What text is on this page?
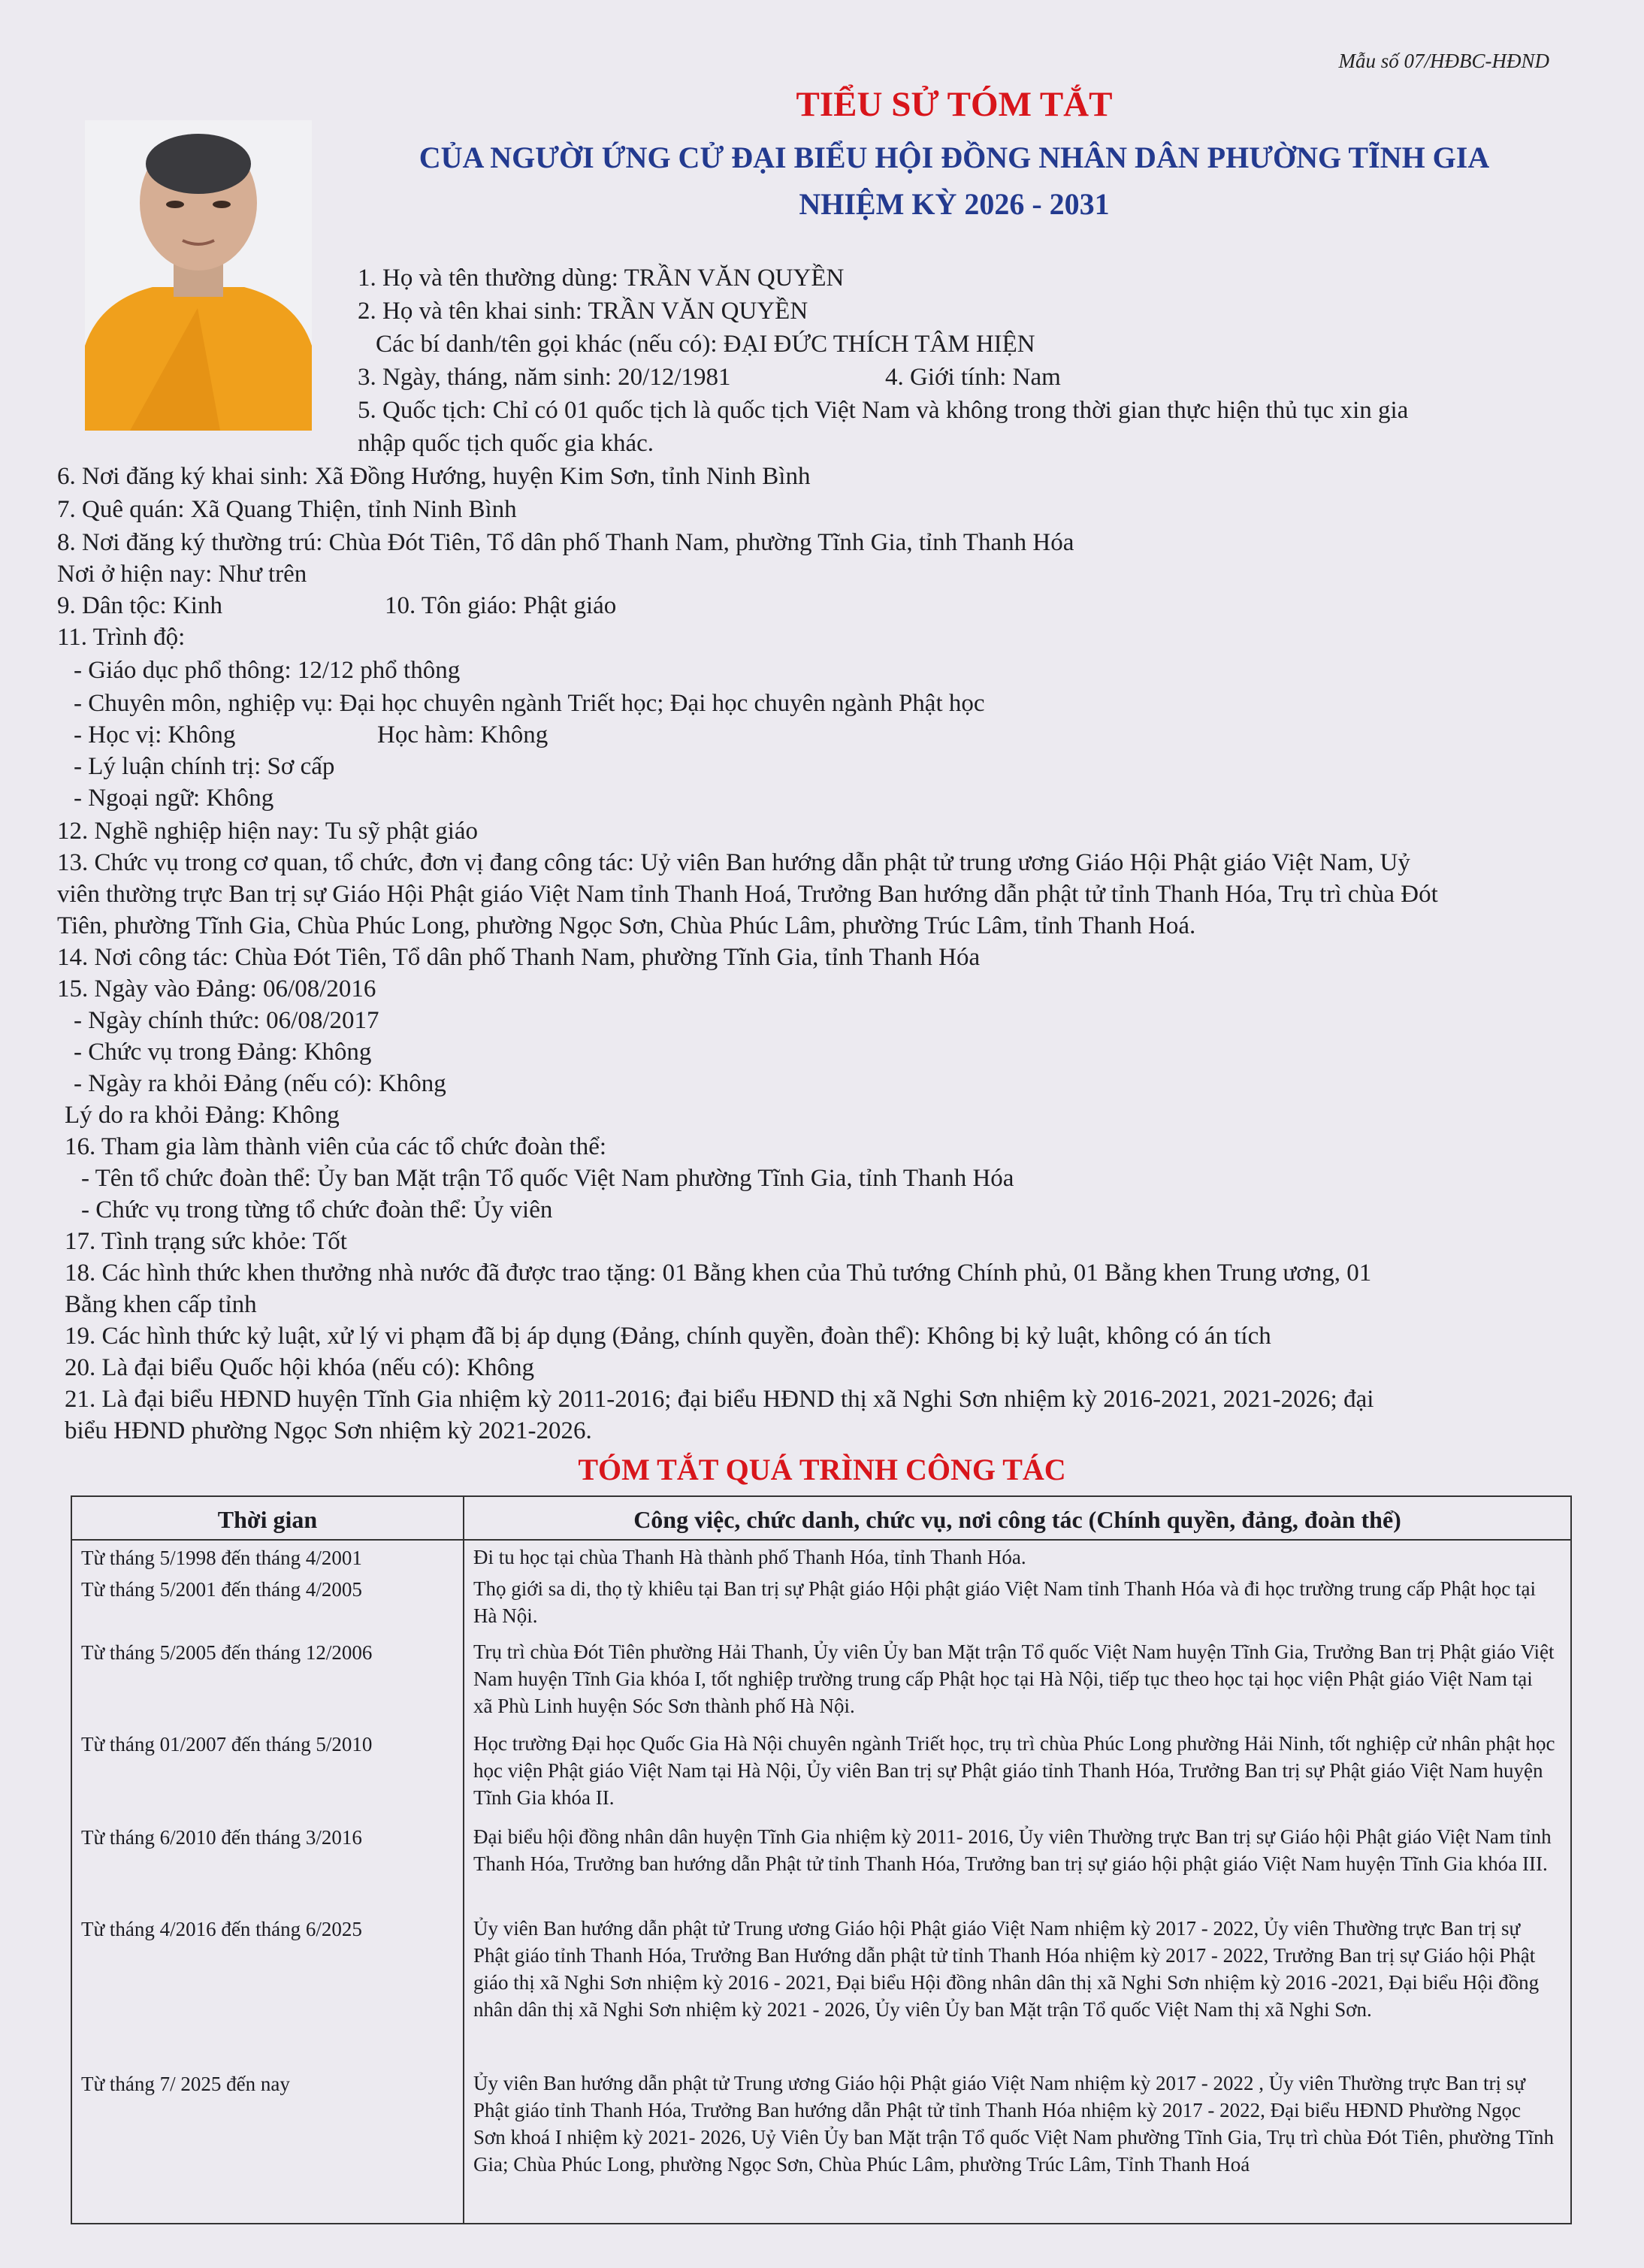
Mẫu số 07/HĐBC-HĐND
TIỂU SỬ TÓM TẮT
CỦA NGƯỜI ỨNG CỬ ĐẠI BIỂU HỘI ĐỒNG NHÂN DÂN PHƯỜNG TĨNH GIA
NHIỆM KỲ 2026 - 2031
1. Họ và tên thường dùng: TRẦN VĂN QUYỀN
2. Họ và tên khai sinh: TRẦN VĂN QUYỀN
Các bí danh/tên gọi khác (nếu có): ĐẠI ĐỨC THÍCH TÂM HIỆN
3. Ngày, tháng, năm sinh: 20/12/1981	4. Giới tính: Nam
5. Quốc tịch: Chỉ có 01 quốc tịch là quốc tịch Việt Nam và không trong thời gian thực hiện thủ tục xin gia
nhập quốc tịch quốc gia khác.
6. Nơi đăng ký khai sinh: Xã Đồng Hướng, huyện Kim Sơn, tỉnh Ninh Bình
7. Quê quán: Xã Quang Thiện, tỉnh Ninh Bình
8. Nơi đăng ký thường trú: Chùa Đót Tiên, Tổ dân phố Thanh Nam, phường Tĩnh Gia, tỉnh Thanh Hóa
Nơi ở hiện nay: Như trên
9. Dân tộc: Kinh	10. Tôn giáo: Phật giáo
11. Trình độ:
- Giáo dục phổ thông: 12/12 phổ thông
- Chuyên môn, nghiệp vụ: Đại học chuyên ngành Triết học; Đại học chuyên ngành Phật học
- Học vị: Không	Học hàm: Không
- Lý luận chính trị: Sơ cấp
- Ngoại ngữ: Không
12. Nghề nghiệp hiện nay: Tu sỹ phật giáo
13. Chức vụ trong cơ quan, tổ chức, đơn vị đang công tác: Uỷ viên Ban hướng dẫn phật tử trung ương Giáo Hội Phật giáo Việt Nam, Uỷ
viên thường trực Ban trị sự Giáo Hội Phật giáo Việt Nam tỉnh Thanh Hoá, Trưởng Ban hướng dẫn phật tử tỉnh Thanh Hóa, Trụ trì chùa Đót
Tiên, phường Tĩnh Gia, Chùa Phúc Long, phường Ngọc Sơn, Chùa Phúc Lâm, phường Trúc Lâm, tỉnh Thanh Hoá.
14. Nơi công tác: Chùa Đót Tiên, Tổ dân phố Thanh Nam, phường Tĩnh Gia, tỉnh Thanh Hóa
15. Ngày vào Đảng: 06/08/2016
- Ngày chính thức: 06/08/2017
- Chức vụ trong Đảng: Không
- Ngày ra khỏi Đảng (nếu có): Không
Lý do ra khỏi Đảng: Không
16. Tham gia làm thành viên của các tổ chức đoàn thể:
- Tên tổ chức đoàn thể: Ủy ban Mặt trận Tổ quốc Việt Nam phường Tĩnh Gia, tỉnh Thanh Hóa
- Chức vụ trong từng tổ chức đoàn thể: Ủy viên
17. Tình trạng sức khỏe: Tốt
18. Các hình thức khen thưởng nhà nước đã được trao tặng: 01 Bằng khen của Thủ tướng Chính phủ, 01 Bằng khen Trung ương, 01
Bằng khen cấp tỉnh
19. Các hình thức kỷ luật, xử lý vi phạm đã bị áp dụng (Đảng, chính quyền, đoàn thể): Không bị kỷ luật, không có án tích
20. Là đại biểu Quốc hội khóa (nếu có): Không
21. Là đại biểu HĐND huyện Tĩnh Gia nhiệm kỳ 2011-2016; đại biểu HĐND thị xã Nghi Sơn nhiệm kỳ 2016-2021, 2021-2026; đại
biểu HĐND phường Ngọc Sơn nhiệm kỳ 2021-2026.
TÓM TẮT QUÁ TRÌNH CÔNG TÁC
Thời gian	Công việc, chức danh, chức vụ, nơi công tác (Chính quyền, đảng, đoàn thể)
Từ tháng 5/1998 đến tháng 4/2001	Đi tu học tại chùa Thanh Hà thành phố Thanh Hóa, tỉnh Thanh Hóa.
Từ tháng 5/2001 đến tháng 4/2005	Thọ giới sa di, thọ tỳ khiêu tại Ban trị sự Phật giáo Hội phật giáo Việt Nam tỉnh Thanh Hóa và đi học trường trung cấp Phật học tại Hà Nội.
Từ tháng 5/2005 đến tháng 12/2006	Trụ trì chùa Đót Tiên phường Hải Thanh, Ủy viên Ủy ban Mặt trận Tổ quốc Việt Nam huyện Tĩnh Gia, Trưởng Ban trị Phật giáo Việt Nam huyện Tĩnh Gia khóa I, tốt nghiệp trường trung cấp Phật học tại Hà Nội, tiếp tục theo học tại học viện Phật giáo Việt Nam tại xã Phù Linh huyện Sóc Sơn thành phố Hà Nội.
Từ tháng 01/2007 đến tháng 5/2010	Học trường Đại học Quốc Gia Hà Nội chuyên ngành Triết học, trụ trì chùa Phúc Long phường Hải Ninh, tốt nghiệp cử nhân phật học học viện Phật giáo Việt Nam tại Hà Nội, Ủy viên Ban trị sự Phật giáo tỉnh Thanh Hóa, Trưởng Ban trị sự Phật giáo Việt Nam huyện Tĩnh Gia khóa II.
Từ tháng 6/2010 đến tháng 3/2016	Đại biểu hội đồng nhân dân huyện Tĩnh Gia nhiệm kỳ 2011- 2016, Ủy viên Thường trực Ban trị sự Giáo hội Phật giáo Việt Nam tỉnh Thanh Hóa, Trưởng ban hướng dẫn Phật tử tỉnh Thanh Hóa, Trưởng ban trị sự giáo hội phật giáo Việt Nam huyện Tĩnh Gia khóa III.
Từ tháng 4/2016 đến tháng 6/2025	Ủy viên Ban hướng dẫn phật tử Trung ương Giáo hội Phật giáo Việt Nam nhiệm kỳ 2017 - 2022, Ủy viên Thường trực Ban trị sự Phật giáo tỉnh Thanh Hóa, Trưởng Ban Hướng dẫn phật tử tỉnh Thanh Hóa nhiệm kỳ 2017 - 2022, Trưởng Ban trị sự Giáo hội Phật giáo thị xã Nghi Sơn nhiệm kỳ 2016 - 2021, Đại biểu Hội đồng nhân dân thị xã Nghi Sơn nhiệm kỳ 2016 -2021, Đại biểu Hội đồng nhân dân thị xã Nghi Sơn nhiệm kỳ 2021 - 2026, Ủy viên Ủy ban Mặt trận Tổ quốc Việt Nam thị xã Nghi Sơn.
Từ tháng 7/ 2025 đến nay	Ủy viên Ban hướng dẫn phật tử Trung ương Giáo hội Phật giáo Việt Nam nhiệm kỳ 2017 - 2022 , Ủy viên Thường trực Ban trị sự Phật giáo tỉnh Thanh Hóa, Trưởng Ban hướng dẫn Phật tử tỉnh Thanh Hóa nhiệm kỳ 2017 - 2022, Đại biểu HĐND Phường Ngọc Sơn khoá I nhiệm kỳ 2021- 2026, Uỷ Viên Ủy ban Mặt trận Tổ quốc Việt Nam phường Tĩnh Gia, Trụ trì chùa Đót Tiên, phường Tĩnh Gia; Chùa Phúc Long, phường Ngọc Sơn, Chùa Phúc Lâm, phường Trúc Lâm, Tỉnh Thanh Hoá
